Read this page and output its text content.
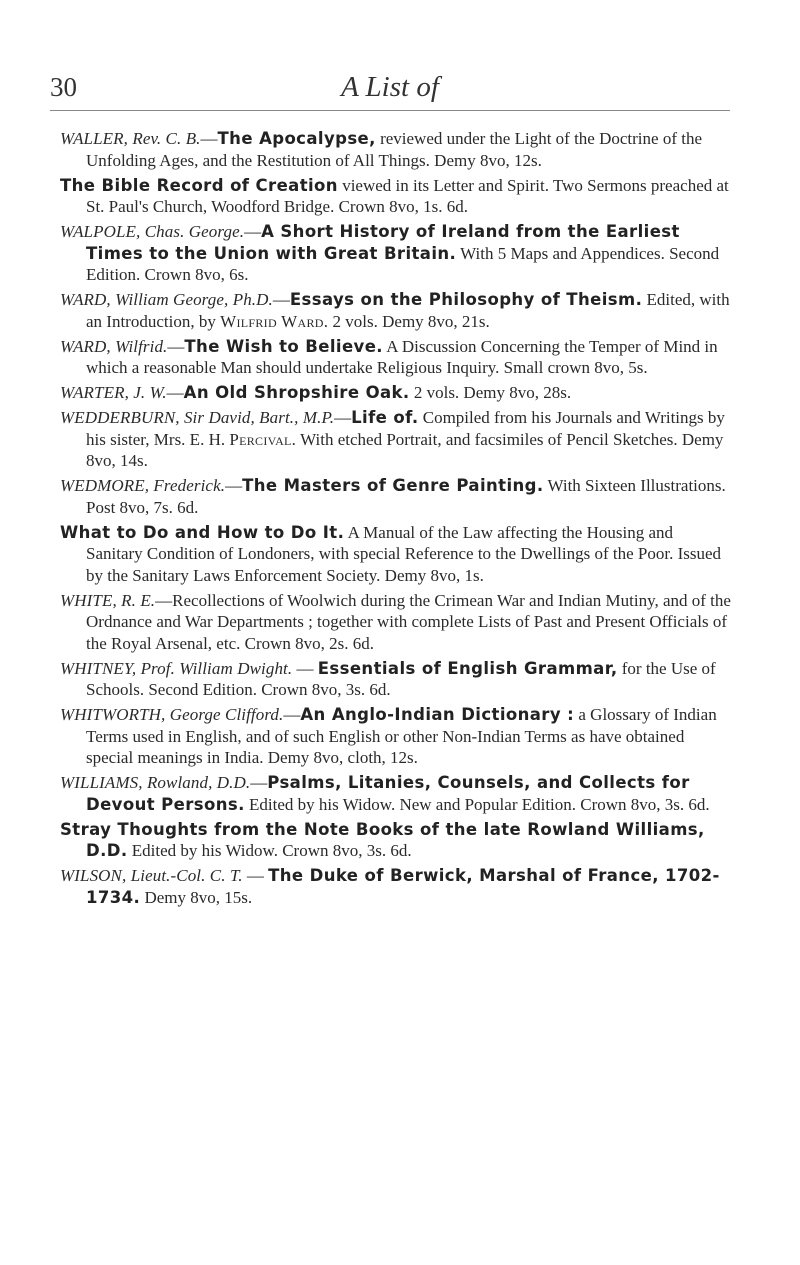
30	A List of

WALLER, Rev. C. B.—The Apocalypse, reviewed under the Light of the Doctrine of the Unfolding Ages, and the Restitution of All Things. Demy 8vo, 12s.

The Bible Record of Creation viewed in its Letter and Spirit. Two Sermons preached at St. Paul's Church, Woodford Bridge. Crown 8vo, 1s. 6d.

WALPOLE, Chas. George.—A Short History of Ireland from the Earliest Times to the Union with Great Britain. With 5 Maps and Appendices. Second Edition. Crown 8vo, 6s.

WARD, William George, Ph.D.—Essays on the Philosophy of Theism. Edited, with an Introduction, by Wilfrid Ward. 2 vols. Demy 8vo, 21s.

WARD, Wilfrid.—The Wish to Believe. A Discussion Concerning the Temper of Mind in which a reasonable Man should undertake Religious Inquiry. Small crown 8vo, 5s.

WARTER, J. W.—An Old Shropshire Oak. 2 vols. Demy 8vo, 28s.

WEDDERBURN, Sir David, Bart., M.P.—Life of. Compiled from his Journals and Writings by his sister, Mrs. E. H. Percival. With etched Portrait, and facsimiles of Pencil Sketches. Demy 8vo, 14s.

WEDMORE, Frederick.—The Masters of Genre Painting. With Sixteen Illustrations. Post 8vo, 7s. 6d.

What to Do and How to Do It. A Manual of the Law affecting the Housing and Sanitary Condition of Londoners, with special Reference to the Dwellings of the Poor. Issued by the Sanitary Laws Enforcement Society. Demy 8vo, 1s.

WHITE, R. E.—Recollections of Woolwich during the Crimean War and Indian Mutiny, and of the Ordnance and War Departments ; together with complete Lists of Past and Present Officials of the Royal Arsenal, etc. Crown 8vo, 2s. 6d.

WHITNEY, Prof. William Dwight. — Essentials of English Grammar, for the Use of Schools. Second Edition. Crown 8vo, 3s. 6d.

WHITWORTH, George Clifford.—An Anglo-Indian Dictionary : a Glossary of Indian Terms used in English, and of such English or other Non-Indian Terms as have obtained special meanings in India. Demy 8vo, cloth, 12s.

WILLIAMS, Rowland, D.D.—Psalms, Litanies, Counsels, and Collects for Devout Persons. Edited by his Widow. New and Popular Edition. Crown 8vo, 3s. 6d.

Stray Thoughts from the Note Books of the late Rowland Williams, D.D. Edited by his Widow. Crown 8vo, 3s. 6d.

WILSON, Lieut.-Col. C. T. — The Duke of Berwick, Marshal of France, 1702-1734. Demy 8vo, 15s.
